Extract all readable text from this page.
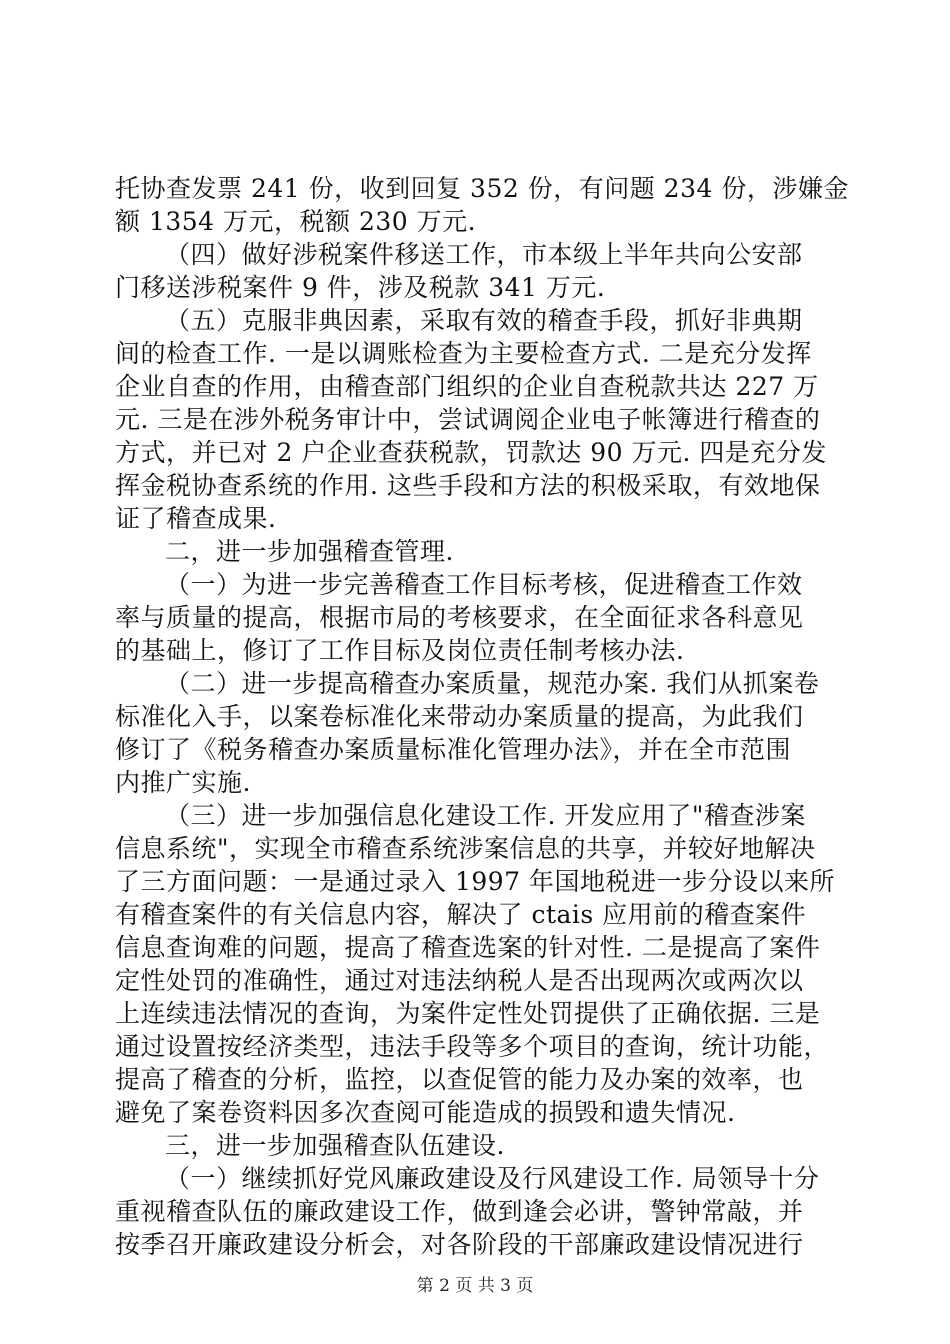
托协查发票 241 份，收到回复 352 份，有问题 234 份，涉嫌金
额 1354 万元，税额 230 万元.
（四）做好涉税案件移送工作，市本级上半年共向公安部
门移送涉税案件 9 件，涉及税款 341 万元.
（五）克服非典因素，采取有效的稽查手段，抓好非典期
间的检查工作. 一是以调账检查为主要检查方式. 二是充分发挥
企业自查的作用，由稽查部门组织的企业自查税款共达 227 万
元. 三是在涉外税务审计中，尝试调阅企业电子帐簿进行稽查的
方式，并已对 2 户企业查获税款，罚款达 90 万元. 四是充分发
挥金税协查系统的作用. 这些手段和方法的积极采取，有效地保
证了稽查成果.
二，进一步加强稽查管理.
（一）为进一步完善稽查工作目标考核，促进稽查工作效
率与质量的提高，根据市局的考核要求，在全面征求各科意见
的基础上，修订了工作目标及岗位责任制考核办法.
（二）进一步提高稽查办案质量，规范办案. 我们从抓案卷
标准化入手，以案卷标准化来带动办案质量的提高，为此我们
修订了《税务稽查办案质量标准化管理办法》，并在全市范围
内推广实施.
（三）进一步加强信息化建设工作. 开发应用了"稽查涉案
信息系统"，实现全市稽查系统涉案信息的共享，并较好地解决
了三方面问题：一是通过录入 1997 年国地税进一步分设以来所
有稽查案件的有关信息内容，解决了 ctais 应用前的稽查案件
信息查询难的问题，提高了稽查选案的针对性. 二是提高了案件
定性处罚的准确性，通过对违法纳税人是否出现两次或两次以
上连续违法情况的查询，为案件定性处罚提供了正确依据. 三是
通过设置按经济类型，违法手段等多个项目的查询，统计功能，
提高了稽查的分析，监控，以查促管的能力及办案的效率，也
避免了案卷资料因多次查阅可能造成的损毁和遗失情况.
三，进一步加强稽查队伍建设.
（一）继续抓好党风廉政建设及行风建设工作. 局领导十分
重视稽查队伍的廉政建设工作，做到逢会必讲，警钟常敲，并
按季召开廉政建设分析会，对各阶段的干部廉政建设情况进行
第 2 页 共 3 页
